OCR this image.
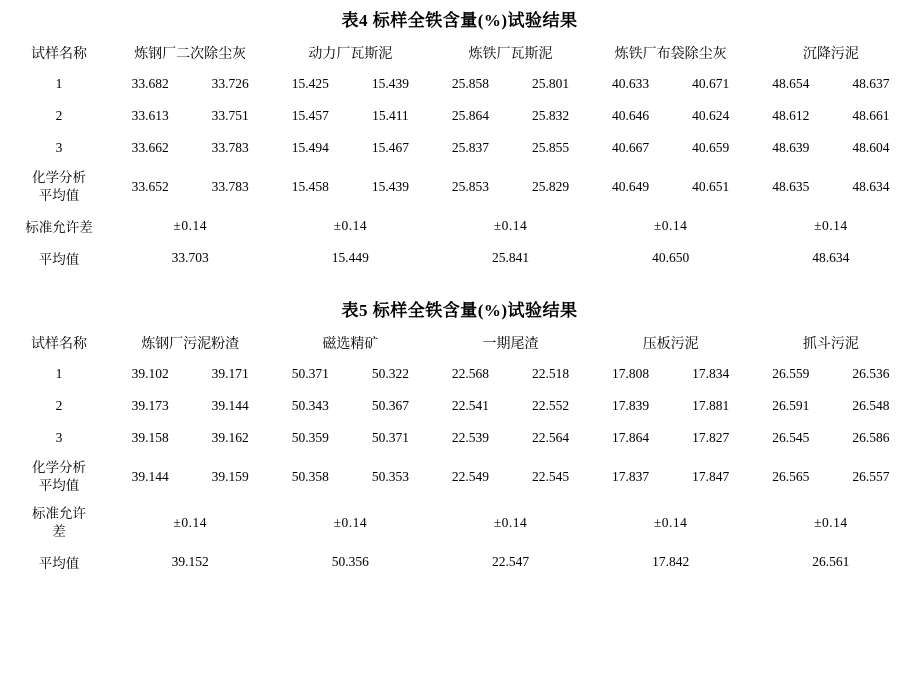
表4 标样全铁含量(%)试验结果
试样名称	炼钢厂二次除尘灰		动力厂瓦斯泥		炼铁厂瓦斯泥		炼铁厂布袋除尘灰		沉降污泥	
1	33.682	33.726	15.425	15.439	25.858	25.801	40.633	40.671	48.654	48.637
2	33.613	33.751	15.457	15.411	25.864	25.832	40.646	40.624	48.612	48.661
3	33.662	33.783	15.494	15.467	25.837	25.855	40.667	40.659	48.639	48.604

化学分析
平均值	33.652	33.783	15.458	15.439	25.853	25.829	40.649	40.651	48.635	48.634
标准允许差	±0.14		±0.14		±0.14		±0.14		±0.14	
平均值	33.703		15.449		25.841		40.650		48.634	
表5 标样全铁含量(%)试验结果
试样名称	炼钢厂污泥粉渣		磁选精矿		一期尾渣		压板污泥		抓斗污泥	
1	39.102	39.171	50.371	50.322	22.568	22.518	17.808	17.834	26.559	26.536
2	39.173	39.144	50.343	50.367	22.541	22.552	17.839	17.881	26.591	26.548
3	39.158	39.162	50.359	50.371	22.539	22.564	17.864	17.827	26.545	26.586

化学分析
平均值	39.144	39.159	50.358	50.353	22.549	22.545	17.837	17.847	26.565	26.557

标准允许
差	±0.14		±0.14		±0.14		±0.14		±0.14	
平均值	39.152		50.356		22.547		17.842		26.561	
